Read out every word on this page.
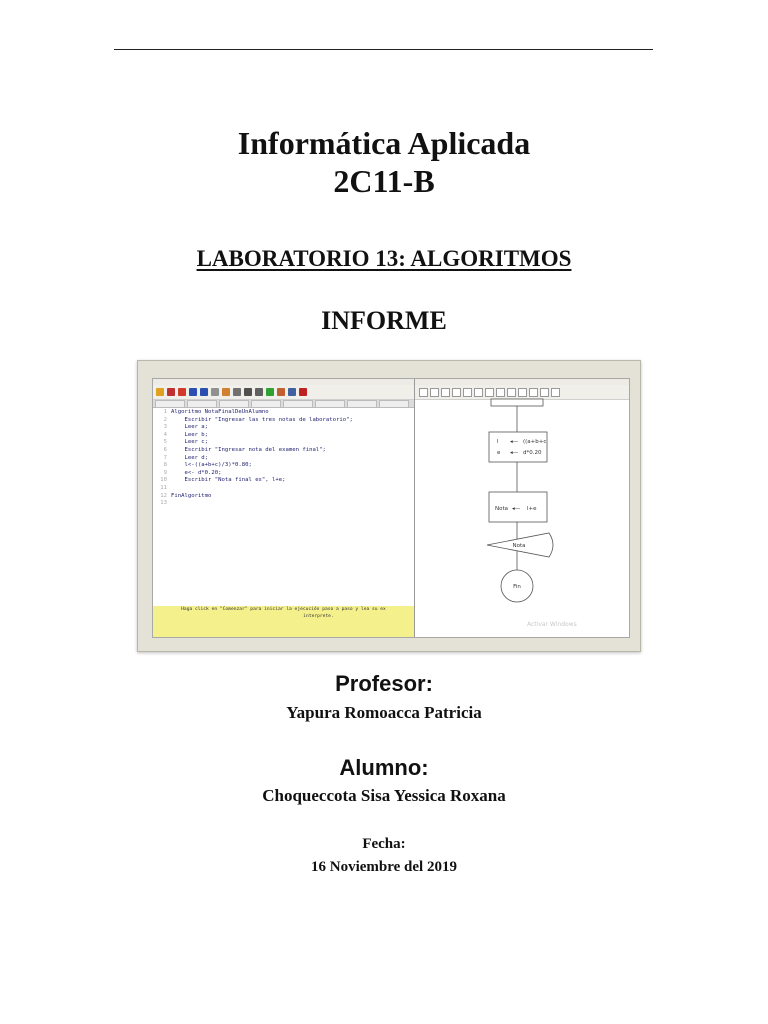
Informática Aplicada
2C11-B
LABORATORIO 13: ALGORITMOS
INFORME
1 Algoritmo NotaFinalDeUnAlumno
2    Escribir "Ingresar las tres notas de laboratorio";
3    Leer a;
4    Leer b;
5    Leer c;
6    Escribir "Ingresar nota del examen final";
7    Leer d;
8    l<-((a+b+c)/3)*0.80;
9    e<- d*0.20;
10    Escribir "Nota final es", l+e;
11
12 FinAlgoritmo
13
Haga click en "Comenzar" para iniciar la ejecución paso a paso y lea su ex
interprete.
l ◂— ((a+b+c
e ◂— d*0.20
Nota ◂— l+e
Nota
Fin
Activar Windows
Profesor:
Yapura Romoacca Patricia
Alumno:
Choqueccota Sisa Yessica Roxana
Fecha:
16 Noviembre del 2019
